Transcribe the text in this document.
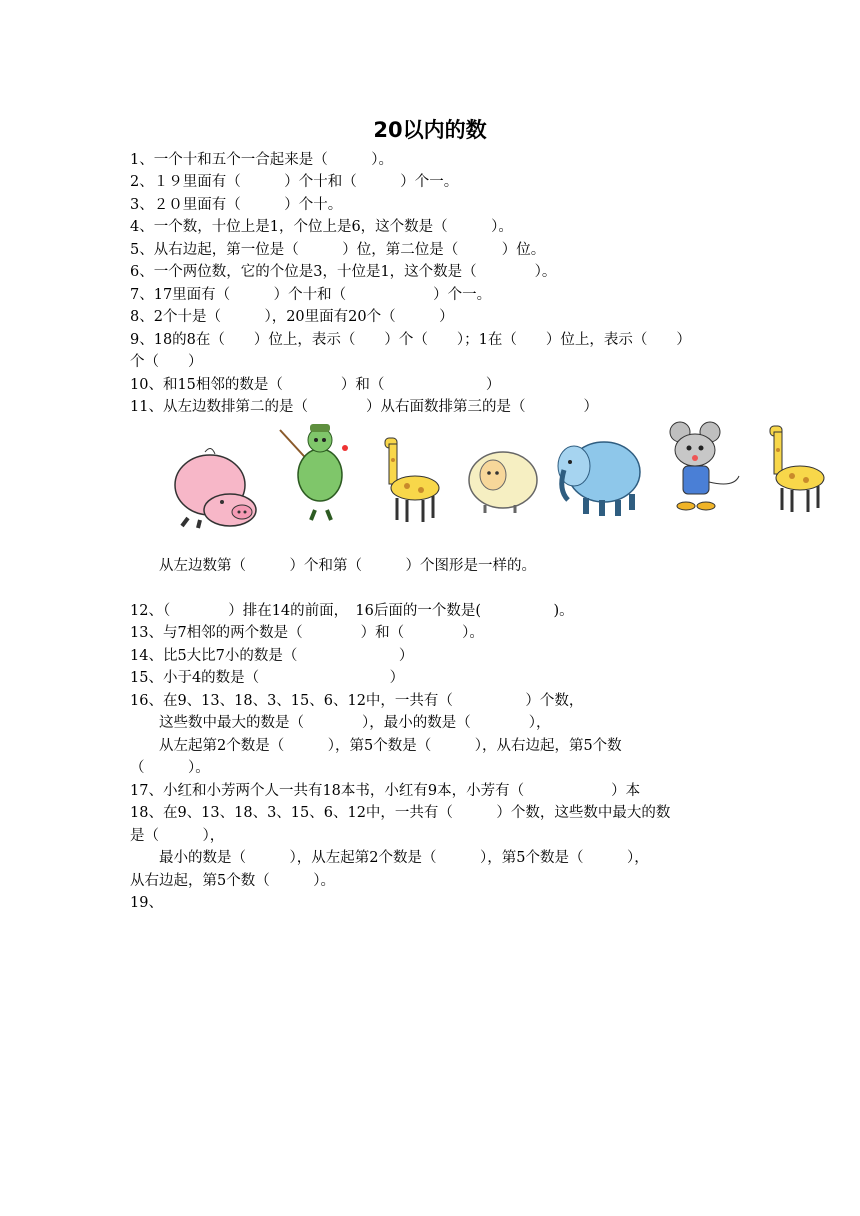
20以内的数
1、一个十和五个一合起来是（　　　）。
2、１９里面有（　　　）个十和（　　　）个一。
3、２０里面有（　　　）个十。
4、一个数，十位上是1，个位上是6，这个数是（　　　）。
5、从右边起，第一位是（　　　）位，第二位是（　　　）位。
6、一个两位数，它的个位是3，十位是1，这个数是（　　　　）。
7、17里面有（　　　）个十和（　　　　　　）个一。
8、2个十是（　　　），20里面有20个（　　　）
9、18的8在（　　）位上，表示（　　）个（　　）；1在（　　）位上，表示（　　）
个（　　）
10、和15相邻的数是（　　　　）和（　　　　　　　）
11、从左边数排第二的是（　　　　）从右面数排第三的是（　　　　）
　　从左边数第（　　　）个和第（　　　）个图形是一样的。
12、（　　　　）排在14的前面，　16后面的一个数是(　　　　　)。
13、与7相邻的两个数是（　　　　）和（　　　　）。
14、比5大比7小的数是（　　　　　　　）
15、小于4的数是（　　　　　　　　　）
16、在9、13、18、3、15、6、12中，一共有（　　　　　）个数，
　　这些数中最大的数是（　　　　），最小的数是（　　　　），
　　从左起第2个数是（　　　），第5个数是（　　　），从右边起，第5个数
（　　　）。
17、小红和小芳两个人一共有18本书，小红有9本，小芳有（　　　　　　）本
18、在9、13、18、3、15、6、12中，一共有（　　　）个数，这些数中最大的数
是（　　　），
　　最小的数是（　　　），从左起第2个数是（　　　），第5个数是（　　　），
从右边起，第5个数（　　　）。
19、
